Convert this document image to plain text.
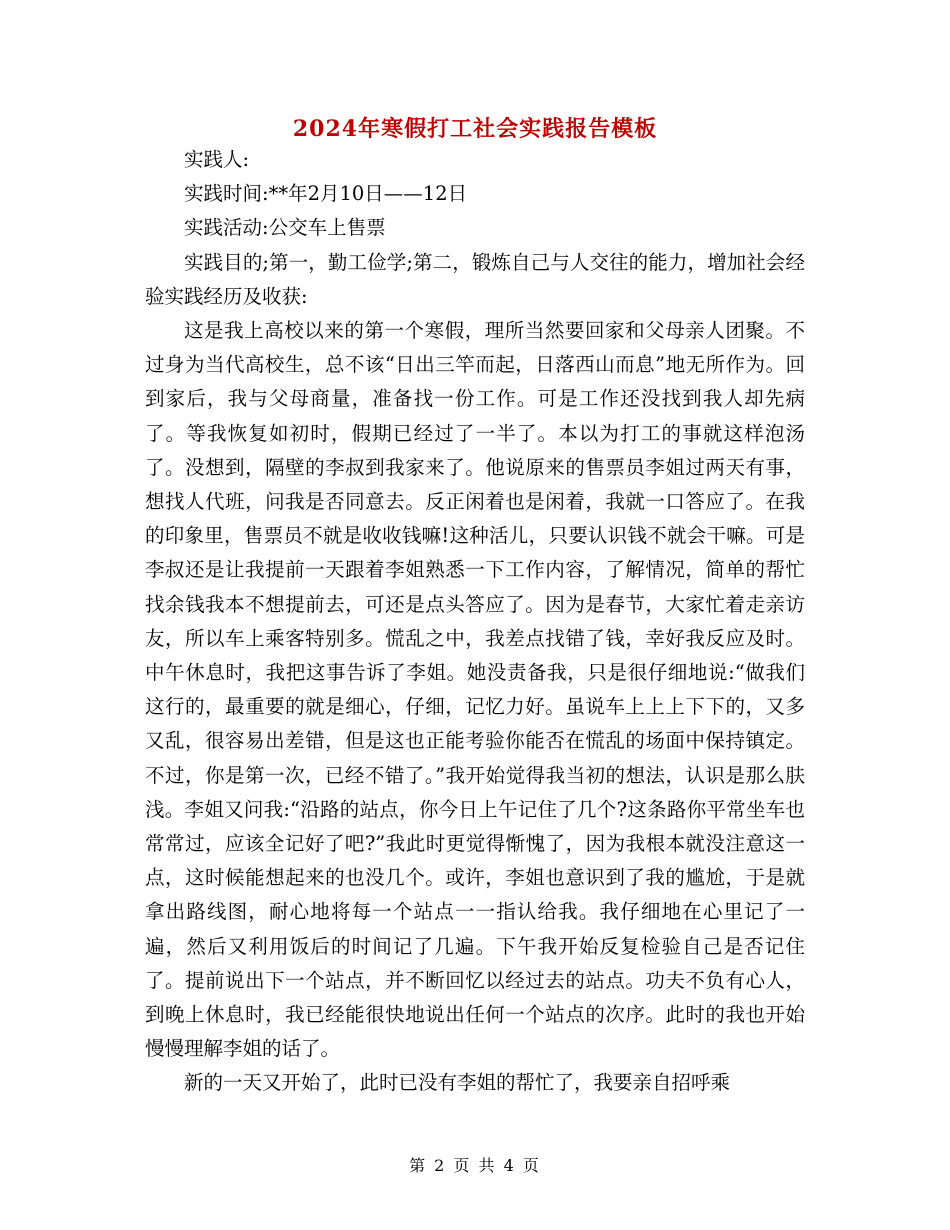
2024年寒假打工社会实践报告模板

实践人:

实践时间:**年2月10日——12日

实践活动:公交车上售票

实践目的;第一，勤工俭学;第二，锻炼自己与人交往的能力，增加社会经验实践经历及收获:

这是我上高校以来的第一个寒假，理所当然要回家和父母亲人团聚。不过身为当代高校生，总不该“日出三竿而起，日落西山而息”地无所作为。回到家后，我与父母商量，准备找一份工作。可是工作还没找到我人却先病了。等我恢复如初时，假期已经过了一半了。本以为打工的事就这样泡汤了。没想到，隔壁的李叔到我家来了。他说原来的售票员李姐过两天有事，想找人代班，问我是否同意去。反正闲着也是闲着，我就一口答应了。在我的印象里，售票员不就是收收钱嘛!这种活儿，只要认识钱不就会干嘛。可是李叔还是让我提前一天跟着李姐熟悉一下工作内容，了解情况，简单的帮忙找余钱我本不想提前去，可还是点头答应了。因为是春节，大家忙着走亲访友，所以车上乘客特别多。慌乱之中，我差点找错了钱，幸好我反应及时。中午休息时，我把这事告诉了李姐。她没责备我，只是很仔细地说:“做我们这行的，最重要的就是细心，仔细，记忆力好。虽说车上上上下下的，又多又乱，很容易出差错，但是这也正能考验你能否在慌乱的场面中保持镇定。不过，你是第一次，已经不错了。”我开始觉得我当初的想法，认识是那么肤浅。李姐又问我:“沿路的站点，你今日上午记住了几个?这条路你平常坐车也常常过，应该全记好了吧?”我此时更觉得惭愧了，因为我根本就没注意这一点，这时候能想起来的也没几个。或许，李姐也意识到了我的尴尬，于是就拿出路线图，耐心地将每一个站点一一指认给我。我仔细地在心里记了一遍，然后又利用饭后的时间记了几遍。下午我开始反复检验自己是否记住了。提前说出下一个站点，并不断回忆以经过去的站点。功夫不负有心人，到晚上休息时，我已经能很快地说出任何一个站点的次序。此时的我也开始慢慢理解李姐的话了。

新的一天又开始了，此时已没有李姐的帮忙了，我要亲自招呼乘

第 2 页 共 4 页
